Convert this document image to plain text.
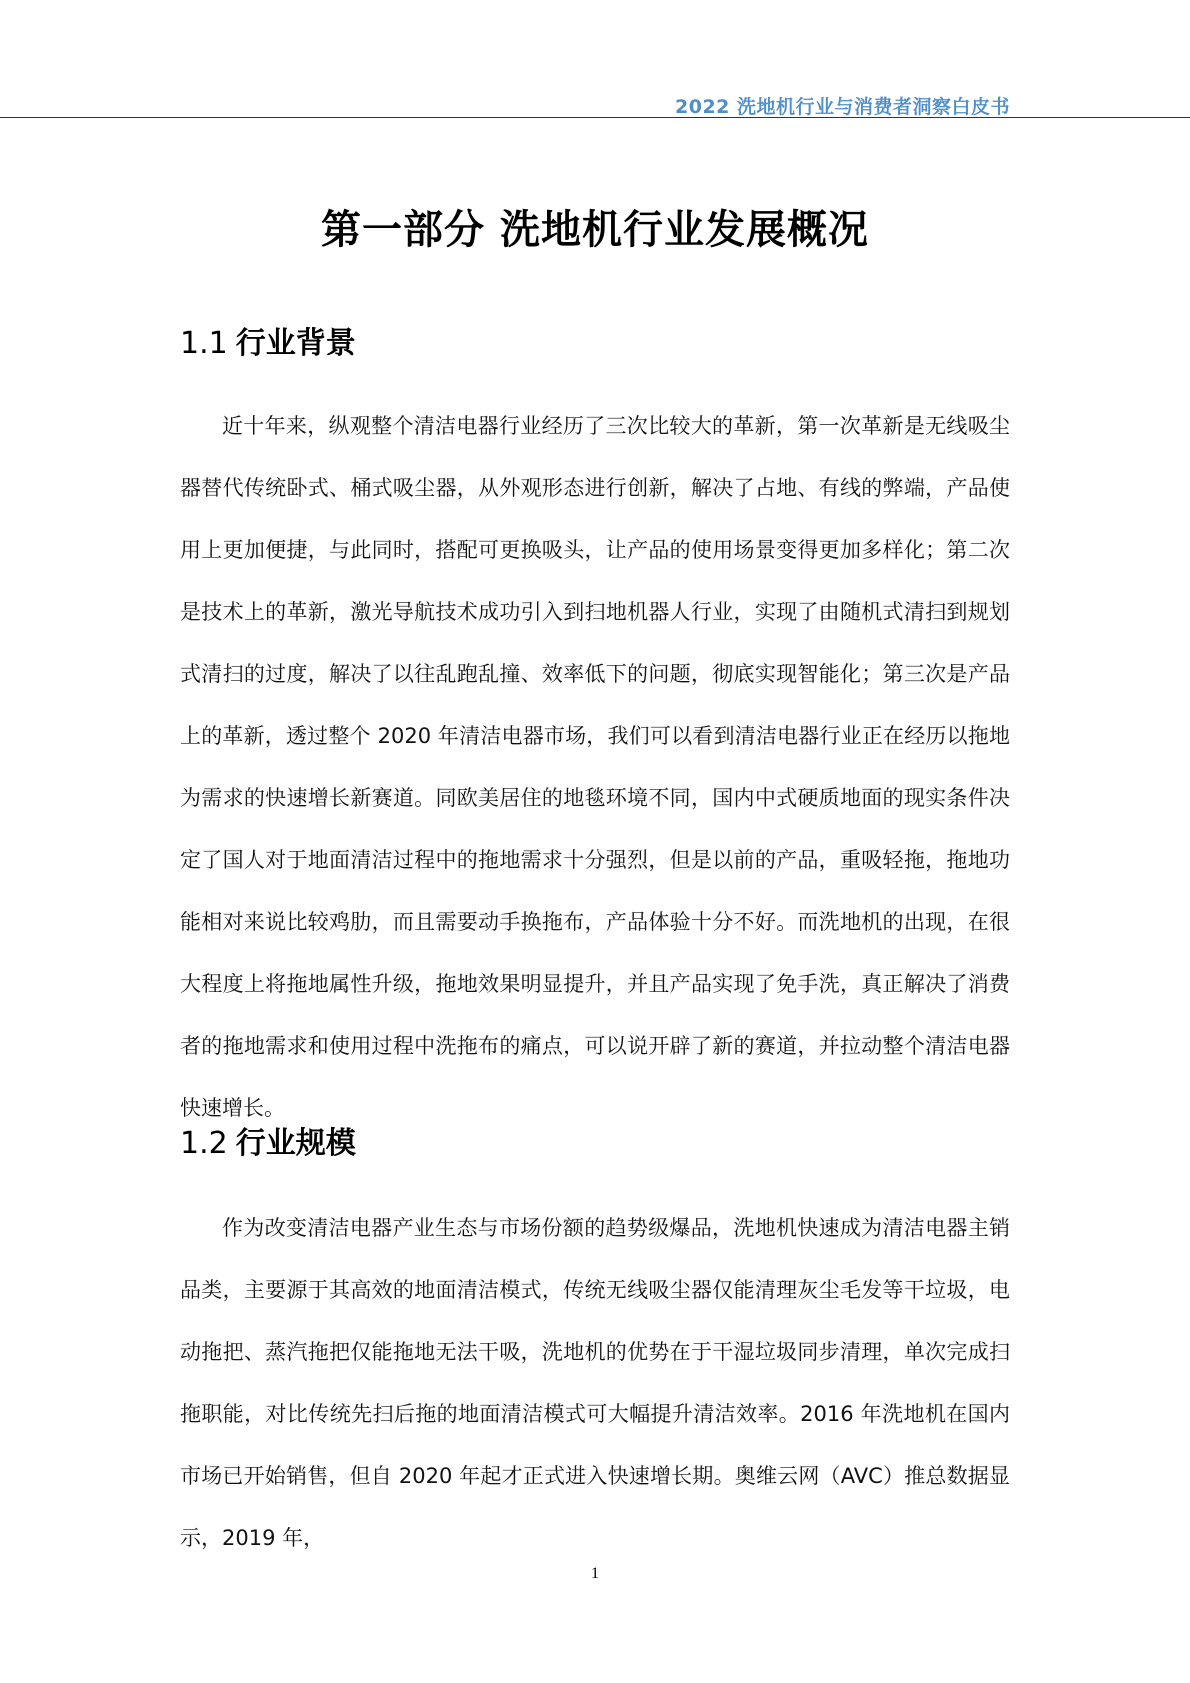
2022 洗地机行业与消费者洞察白皮书
第一部分 洗地机行业发展概况
1.1 行业背景

近十年来，纵观整个清洁电器行业经历了三次比较大的革新，第一次革新是无线吸尘器替代传统卧式、桶式吸尘器，从外观形态进行创新，解决了占地、有线的弊端，产品使用上更加便捷，与此同时，搭配可更换吸头，让产品的使用场景变得更加多样化；第二次是技术上的革新，激光导航技术成功引入到扫地机器人行业，实现了由随机式清扫到规划式清扫的过度，解决了以往乱跑乱撞、效率低下的问题，彻底实现智能化；第三次是产品上的革新，透过整个 2020 年清洁电器市场，我们可以看到清洁电器行业正在经历以拖地为需求的快速增长新赛道。同欧美居住的地毯环境不同，国内中式硬质地面的现实条件决定了国人对于地面清洁过程中的拖地需求十分强烈，但是以前的产品，重吸轻拖，拖地功能相对来说比较鸡肋，而且需要动手换拖布，产品体验十分不好。而洗地机的出现，在很大程度上将拖地属性升级，拖地效果明显提升，并且产品实现了免手洗，真正解决了消费者的拖地需求和使用过程中洗拖布的痛点，可以说开辟了新的赛道，并拉动整个清洁电器快速增长。

1.2 行业规模

作为改变清洁电器产业生态与市场份额的趋势级爆品，洗地机快速成为清洁电器主销品类，主要源于其高效的地面清洁模式，传统无线吸尘器仅能清理灰尘毛发等干垃圾，电动拖把、蒸汽拖把仅能拖地无法干吸，洗地机的优势在于干湿垃圾同步清理，单次完成扫拖职能，对比传统先扫后拖的地面清洁模式可大幅提升清洁效率。2016 年洗地机在国内市场已开始销售，但自 2020 年起才正式进入快速增长期。奥维云网（AVC）推总数据显示，2019 年，

1
